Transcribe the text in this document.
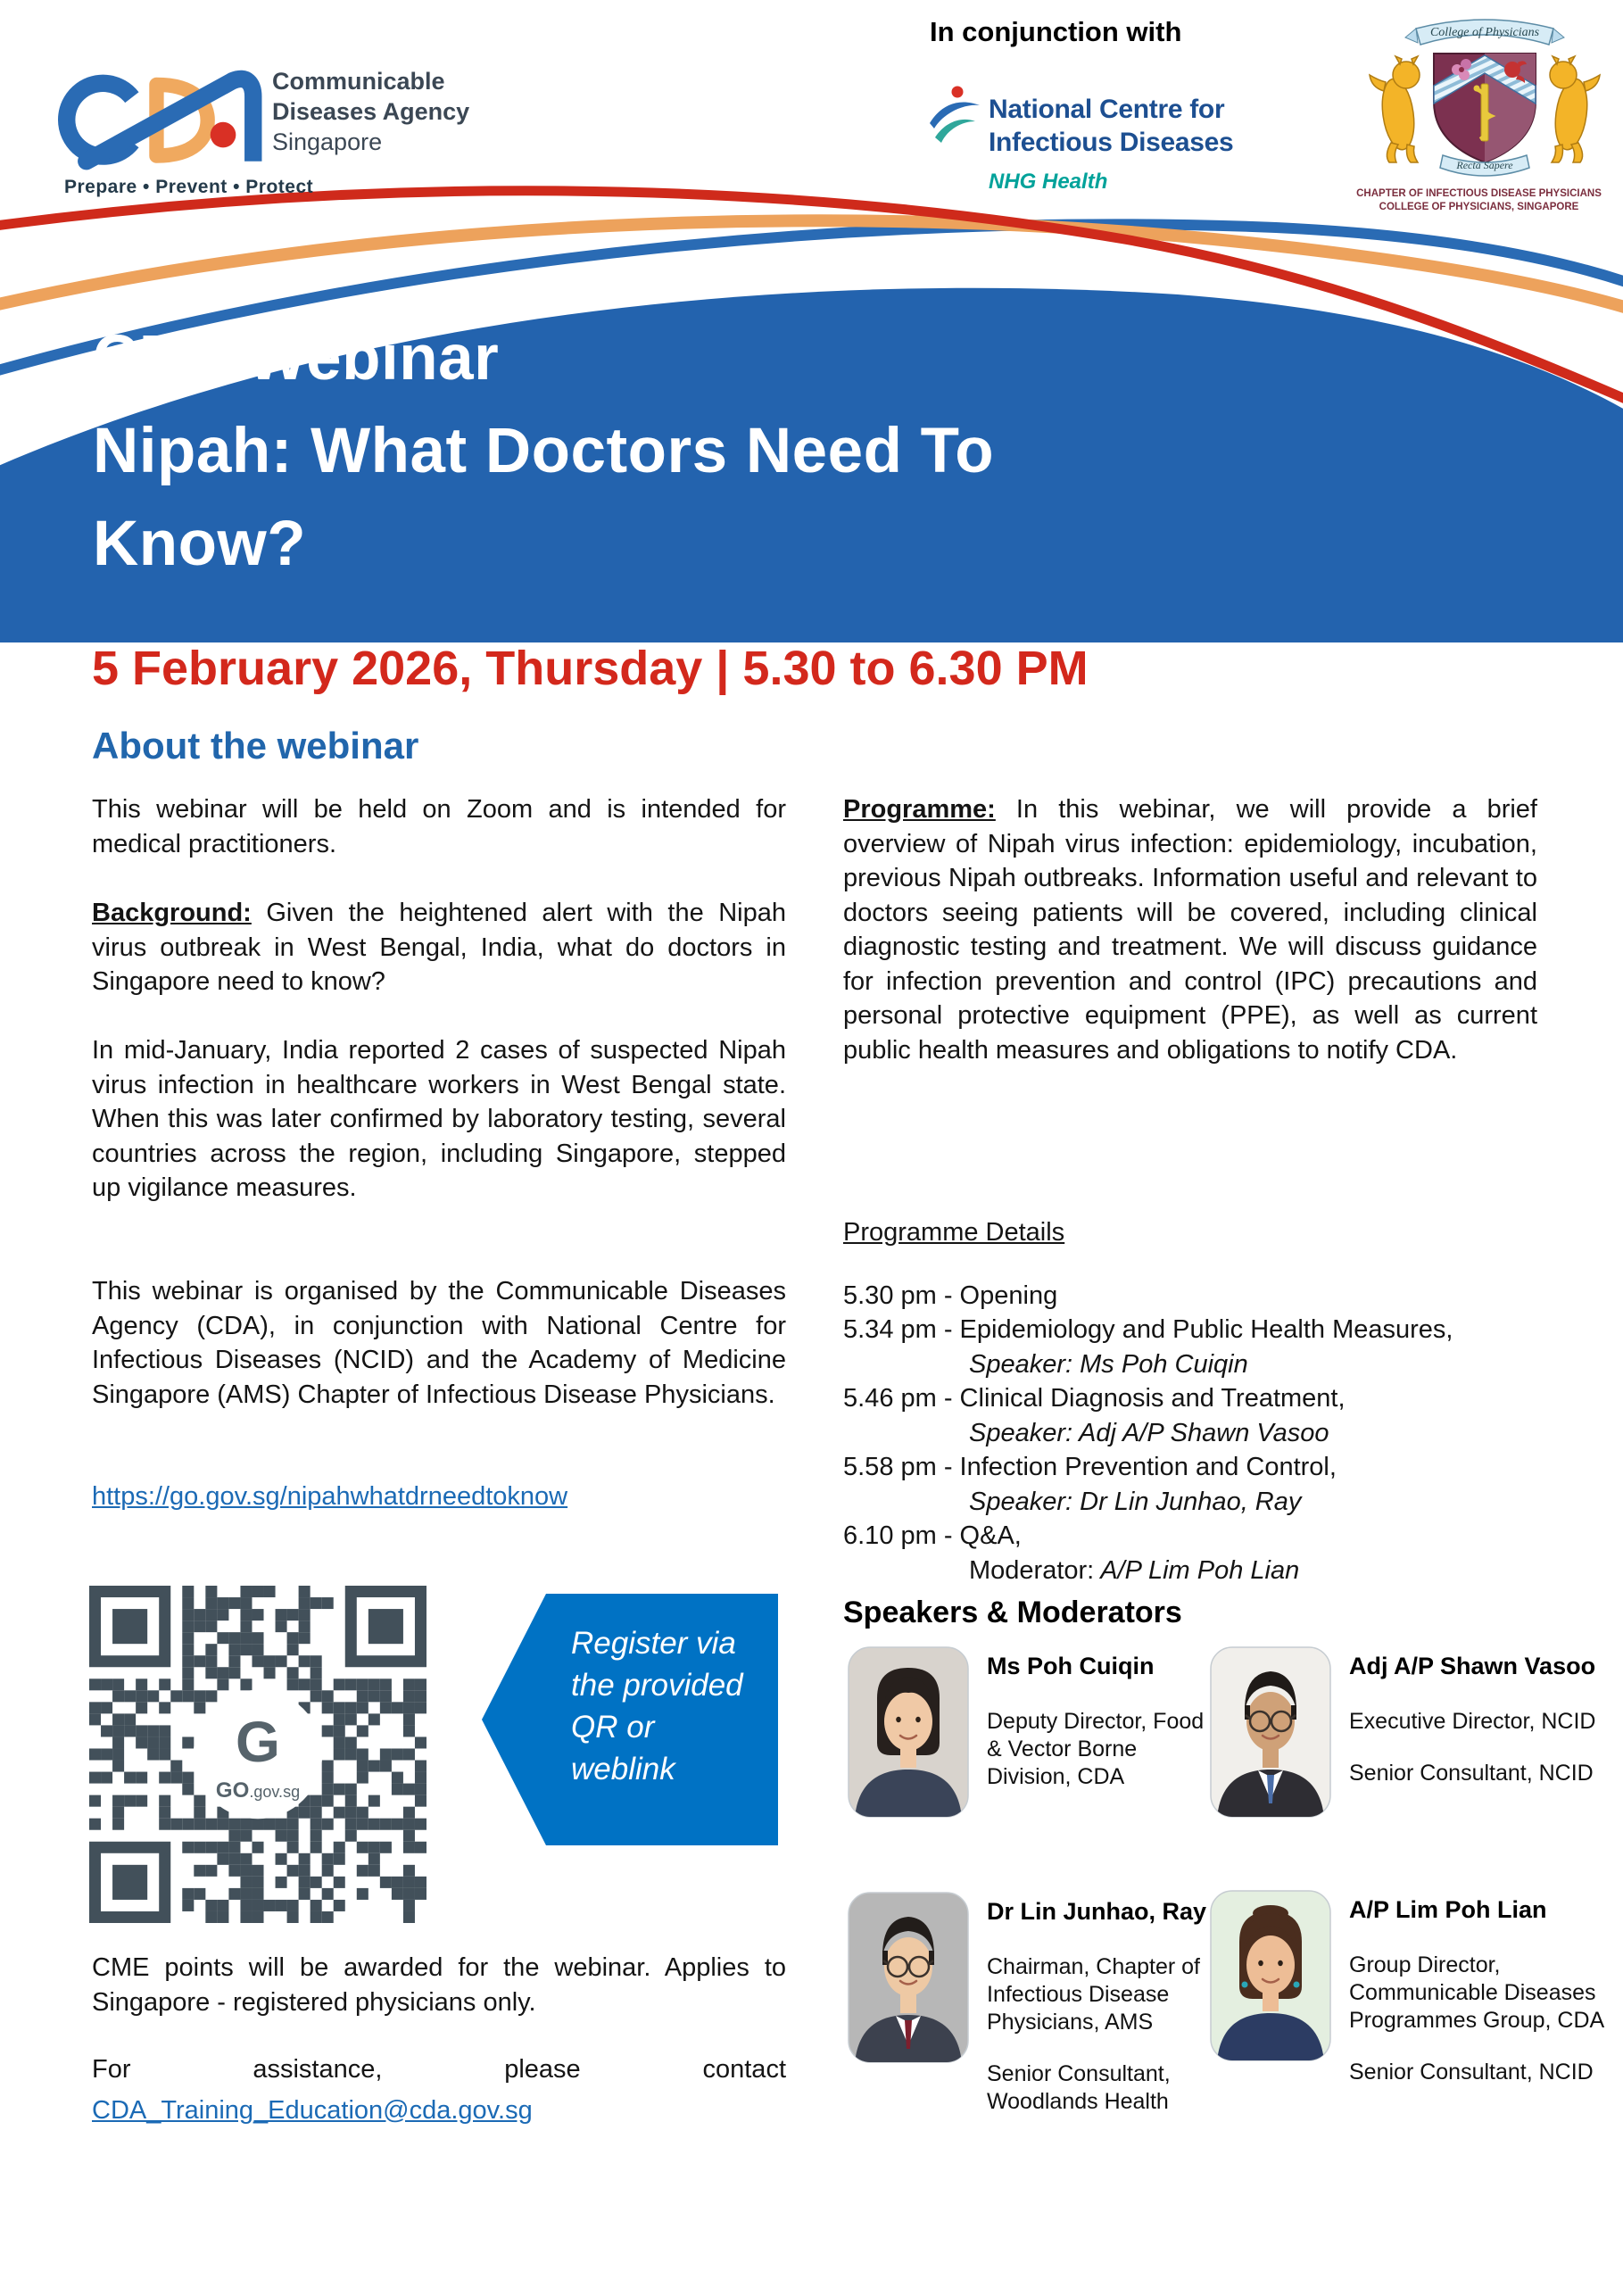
Communicable
Diseases Agency
Singapore
Prepare • Prevent • Protect
In conjunction with
National Centre for
Infectious Diseases
NHG Health
College of Physicians
Recta Sapere
CHAPTER OF INFECTIOUS DISEASE PHYSICIANS
COLLEGE OF PHYSICIANS, SINGAPORE
CDA Webinar
Nipah: What Doctors Need To
Know?
5 February 2026, Thursday | 5.30 to 6.30 PM
About the webinar
This webinar will be held on Zoom and is intended for medical practitioners.
Background: Given the heightened alert with the Nipah virus outbreak in West Bengal, India, what do doctors in Singapore need to know?
In mid-January, India reported 2 cases of suspected Nipah virus infection in healthcare workers in West Bengal state. When this was later confirmed by laboratory testing, several countries across the region, including Singapore, stepped up vigilance measures.
This webinar is organised by the Communicable Diseases Agency (CDA), in conjunction with National Centre for Infectious Diseases (NCID) and the Academy of Medicine Singapore (AMS) Chapter of Infectious Disease Physicians.
https://go.gov.sg/nipahwhatdrneedtoknow
Programme: In this webinar, we will provide a brief overview of Nipah virus infection: epidemiology, incubation, previous Nipah outbreaks. Information useful and relevant to doctors seeing patients will be covered, including clinical diagnostic testing and treatment. We will discuss guidance for infection prevention and control (IPC) precautions and personal protective equipment (PPE), as well as current public health measures and obligations to notify CDA.
Programme Details
5.30 pm - Opening
5.34 pm - Epidemiology and Public Health Measures,
Speaker: Ms Poh Cuiqin
5.46 pm - Clinical Diagnosis and Treatment,
Speaker: Adj A/P Shawn Vasoo
5.58 pm - Infection Prevention and Control,
Speaker: Dr Lin Junhao, Ray
6.10 pm - Q&A,
Moderator: A/P Lim Poh Lian
Speakers & Moderators
Ms Poh Cuiqin

Deputy Director, Food & Vector Borne Division, CDA

Adj A/P Shawn Vasoo

Executive Director, NCID

Senior Consultant, NCID

Dr Lin Junhao, Ray

Chairman, Chapter of Infectious Disease Physicians, AMS

Senior Consultant, Woodlands Health

A/P Lim Poh Lian

Group Director, Communicable Diseases Programmes Group, CDA

Senior Consultant, NCID

G
GO.gov.sg
Register via the provided QR or weblink
CME points will be awarded for the webinar. Applies to Singapore - registered physicians only.
For assistance, please contact
CDA_Training_Education@cda.gov.sg
